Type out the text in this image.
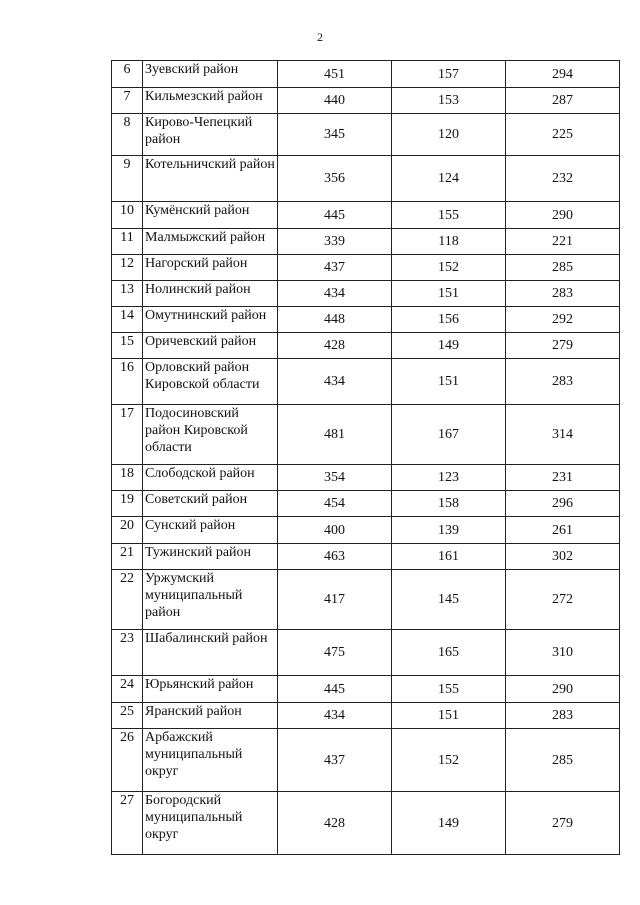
2
6	Зуевский район	451	157	294
7	Кильмезский район	440	153	287
8	Кирово-Чепецкий район	345	120	225
9	Котельничский район	356	124	232
10	Кумёнский район	445	155	290
11	Малмыжский район	339	118	221
12	Нагорский район	437	152	285
13	Нолинский район	434	151	283
14	Омутнинский район	448	156	292
15	Оричевский район	428	149	279
16	Орловский район Кировской области	434	151	283
17	Подосиновский район Кировской области	481	167	314
18	Слободской район	354	123	231
19	Советский район	454	158	296
20	Сунский район	400	139	261
21	Тужинский район	463	161	302
22	Уржумский муниципальный район	417	145	272
23	Шабалинский район	475	165	310
24	Юрьянский район	445	155	290
25	Яранский район	434	151	283
26	Арбажский муниципальный округ	437	152	285
27	Богородский муниципальный округ	428	149	279
